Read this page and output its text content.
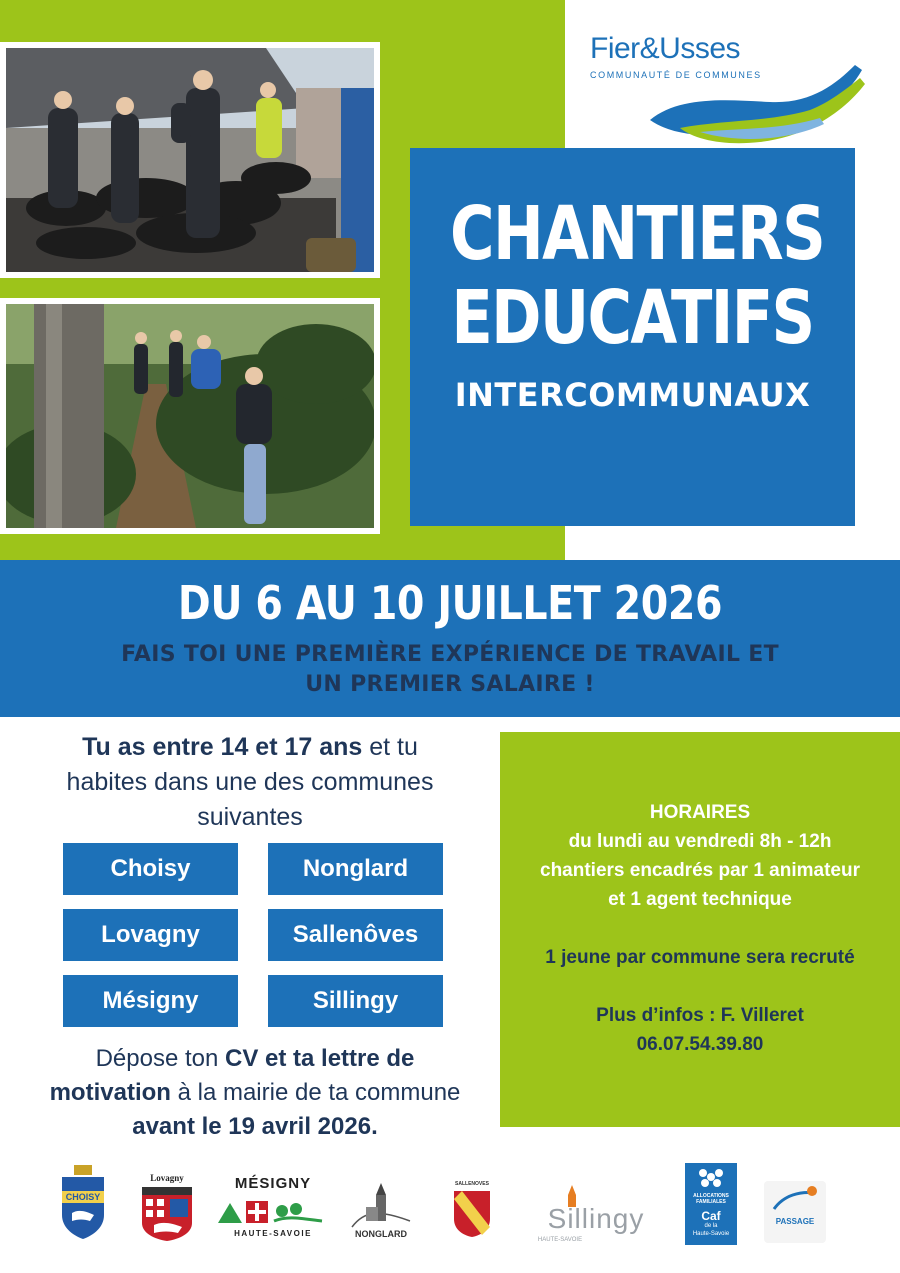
Fier&Usses
COMMUNAUTÉ DE COMMUNES
CHANTIERS
EDUCATIFS
INTERCOMMUNAUX
DU 6 AU 10 JUILLET 2026
FAIS TOI UNE PREMIÈRE EXPÉRIENCE DE TRAVAIL ET
UN PREMIER SALAIRE !
Tu as entre 14 et 17 ans et tu
habites dans une des communes
suivantes
Choisy	Nonglard
Lovagny	Sallenôves
Mésigny	Sillingy
Dépose ton CV et ta lettre de
motivation à la mairie de ta commune
avant le 19 avril 2026.
HORAIRES
du lundi au vendredi 8h - 12h
chantiers encadrés par 1 animateur
et 1 agent technique
1 jeune par commune sera recruté
Plus d’infos : F. Villeret
06.07.54.39.80
CHOISY
Lovagny	MÉSIGNY
HAUTE-SAVOIE	NONGLARD
SALLENOVES
Sillingy
HAUTE-SAVOIE
ALLOCATIONS
FAMILIALES
Caf
de la
Haute-Savoie
PASSAGE
